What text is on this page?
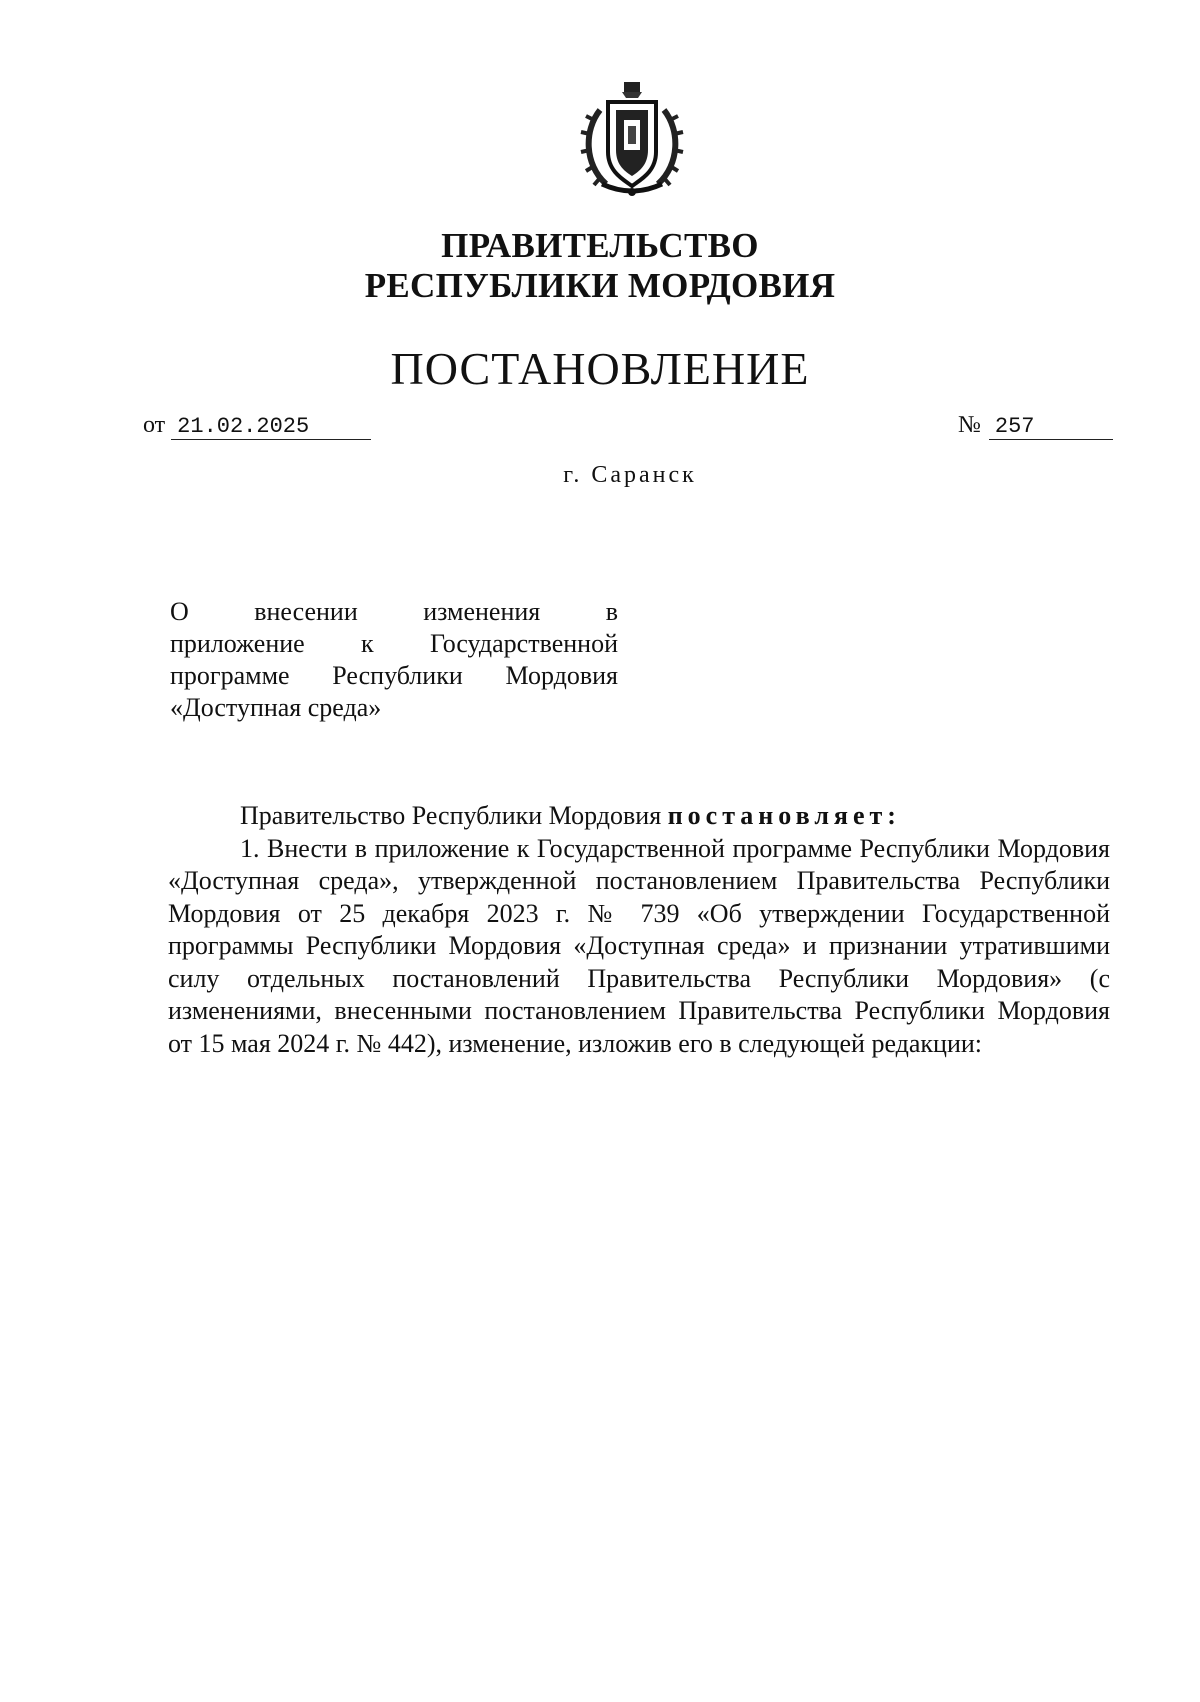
ПРАВИТЕЛЬСТВО
РЕСПУБЛИКИ МОРДОВИЯ
ПОСТАНОВЛЕНИЕ
от 21.02.2025	№ 257
г. Саранск

О внесении изменения в

приложение к Государственной

программе Республики Мордовия

«Доступная среда»

Правительство Республики Мордовия постановляет:

1. Внести в приложение к Государственной программе Республики Мордовия «Доступная среда», утвержденной постановлением Правительства Республики Мордовия от 25 декабря 2023 г. № 739 «Об утверждении Государственной программы Республики Мордовия «Доступная среда» и признании утратившими силу отдельных постановлений Правительства Республики Мордовия» (с изменениями, внесенными постановлением Правительства Республики Мордовия от 15 мая 2024 г. № 442), изменение, изложив его в следующей редакции:
